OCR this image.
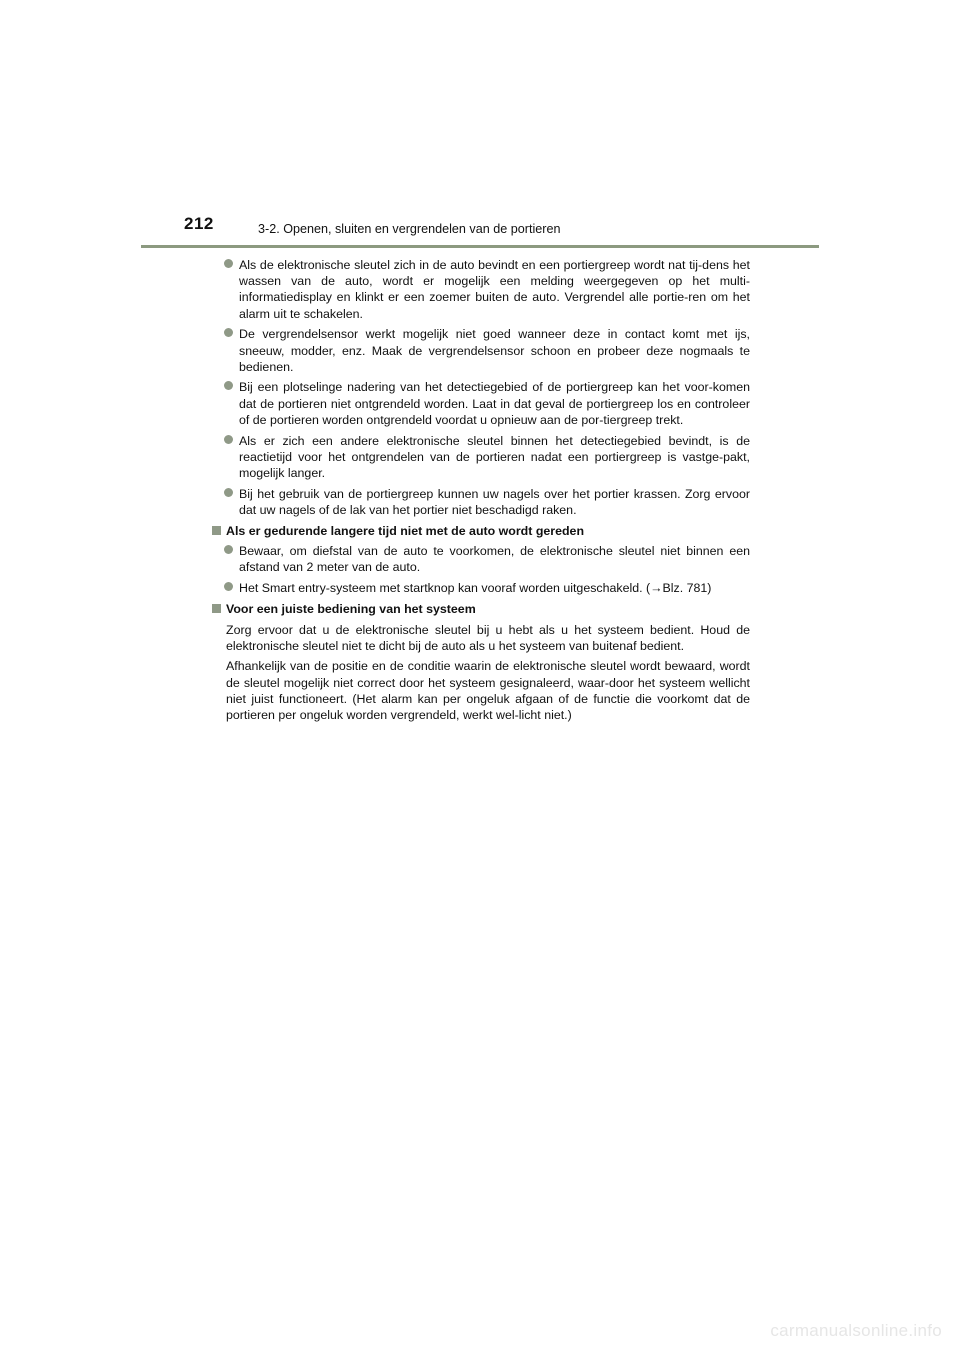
212	3-2. Openen, sluiten en vergrendelen van de portieren
Als de elektronische sleutel zich in de auto bevindt en een portiergreep wordt nat tij-dens het wassen van de auto, wordt er mogelijk een melding weergegeven op het multi-informatiedisplay en klinkt er een zoemer buiten de auto. Vergrendel alle portie-ren om het alarm uit te schakelen.
De vergrendelsensor werkt mogelijk niet goed wanneer deze in contact komt met ijs, sneeuw, modder, enz. Maak de vergrendelsensor schoon en probeer deze nogmaals te bedienen.
Bij een plotselinge nadering van het detectiegebied of de portiergreep kan het voor-komen dat de portieren niet ontgrendeld worden. Laat in dat geval de portiergreep los en controleer of de portieren worden ontgrendeld voordat u opnieuw aan de por-tiergreep trekt.
Als er zich een andere elektronische sleutel binnen het detectiegebied bevindt, is de reactietijd voor het ontgrendelen van de portieren nadat een portiergreep is vastge-pakt, mogelijk langer.
Bij het gebruik van de portiergreep kunnen uw nagels over het portier krassen. Zorg ervoor dat uw nagels of de lak van het portier niet beschadigd raken.
Als er gedurende langere tijd niet met de auto wordt gereden
Bewaar, om diefstal van de auto te voorkomen, de elektronische sleutel niet binnen een afstand van 2 meter van de auto.
Het Smart entry-systeem met startknop kan vooraf worden uitgeschakeld. (→Blz. 781)
Voor een juiste bediening van het systeem
Zorg ervoor dat u de elektronische sleutel bij u hebt als u het systeem bedient. Houd de elektronische sleutel niet te dicht bij de auto als u het systeem van buitenaf bedient.
Afhankelijk van de positie en de conditie waarin de elektronische sleutel wordt bewaard, wordt de sleutel mogelijk niet correct door het systeem gesignaleerd, waar-door het systeem wellicht niet juist functioneert. (Het alarm kan per ongeluk afgaan of de functie die voorkomt dat de portieren per ongeluk worden vergrendeld, werkt wel-licht niet.)
carmanualsonline.info
